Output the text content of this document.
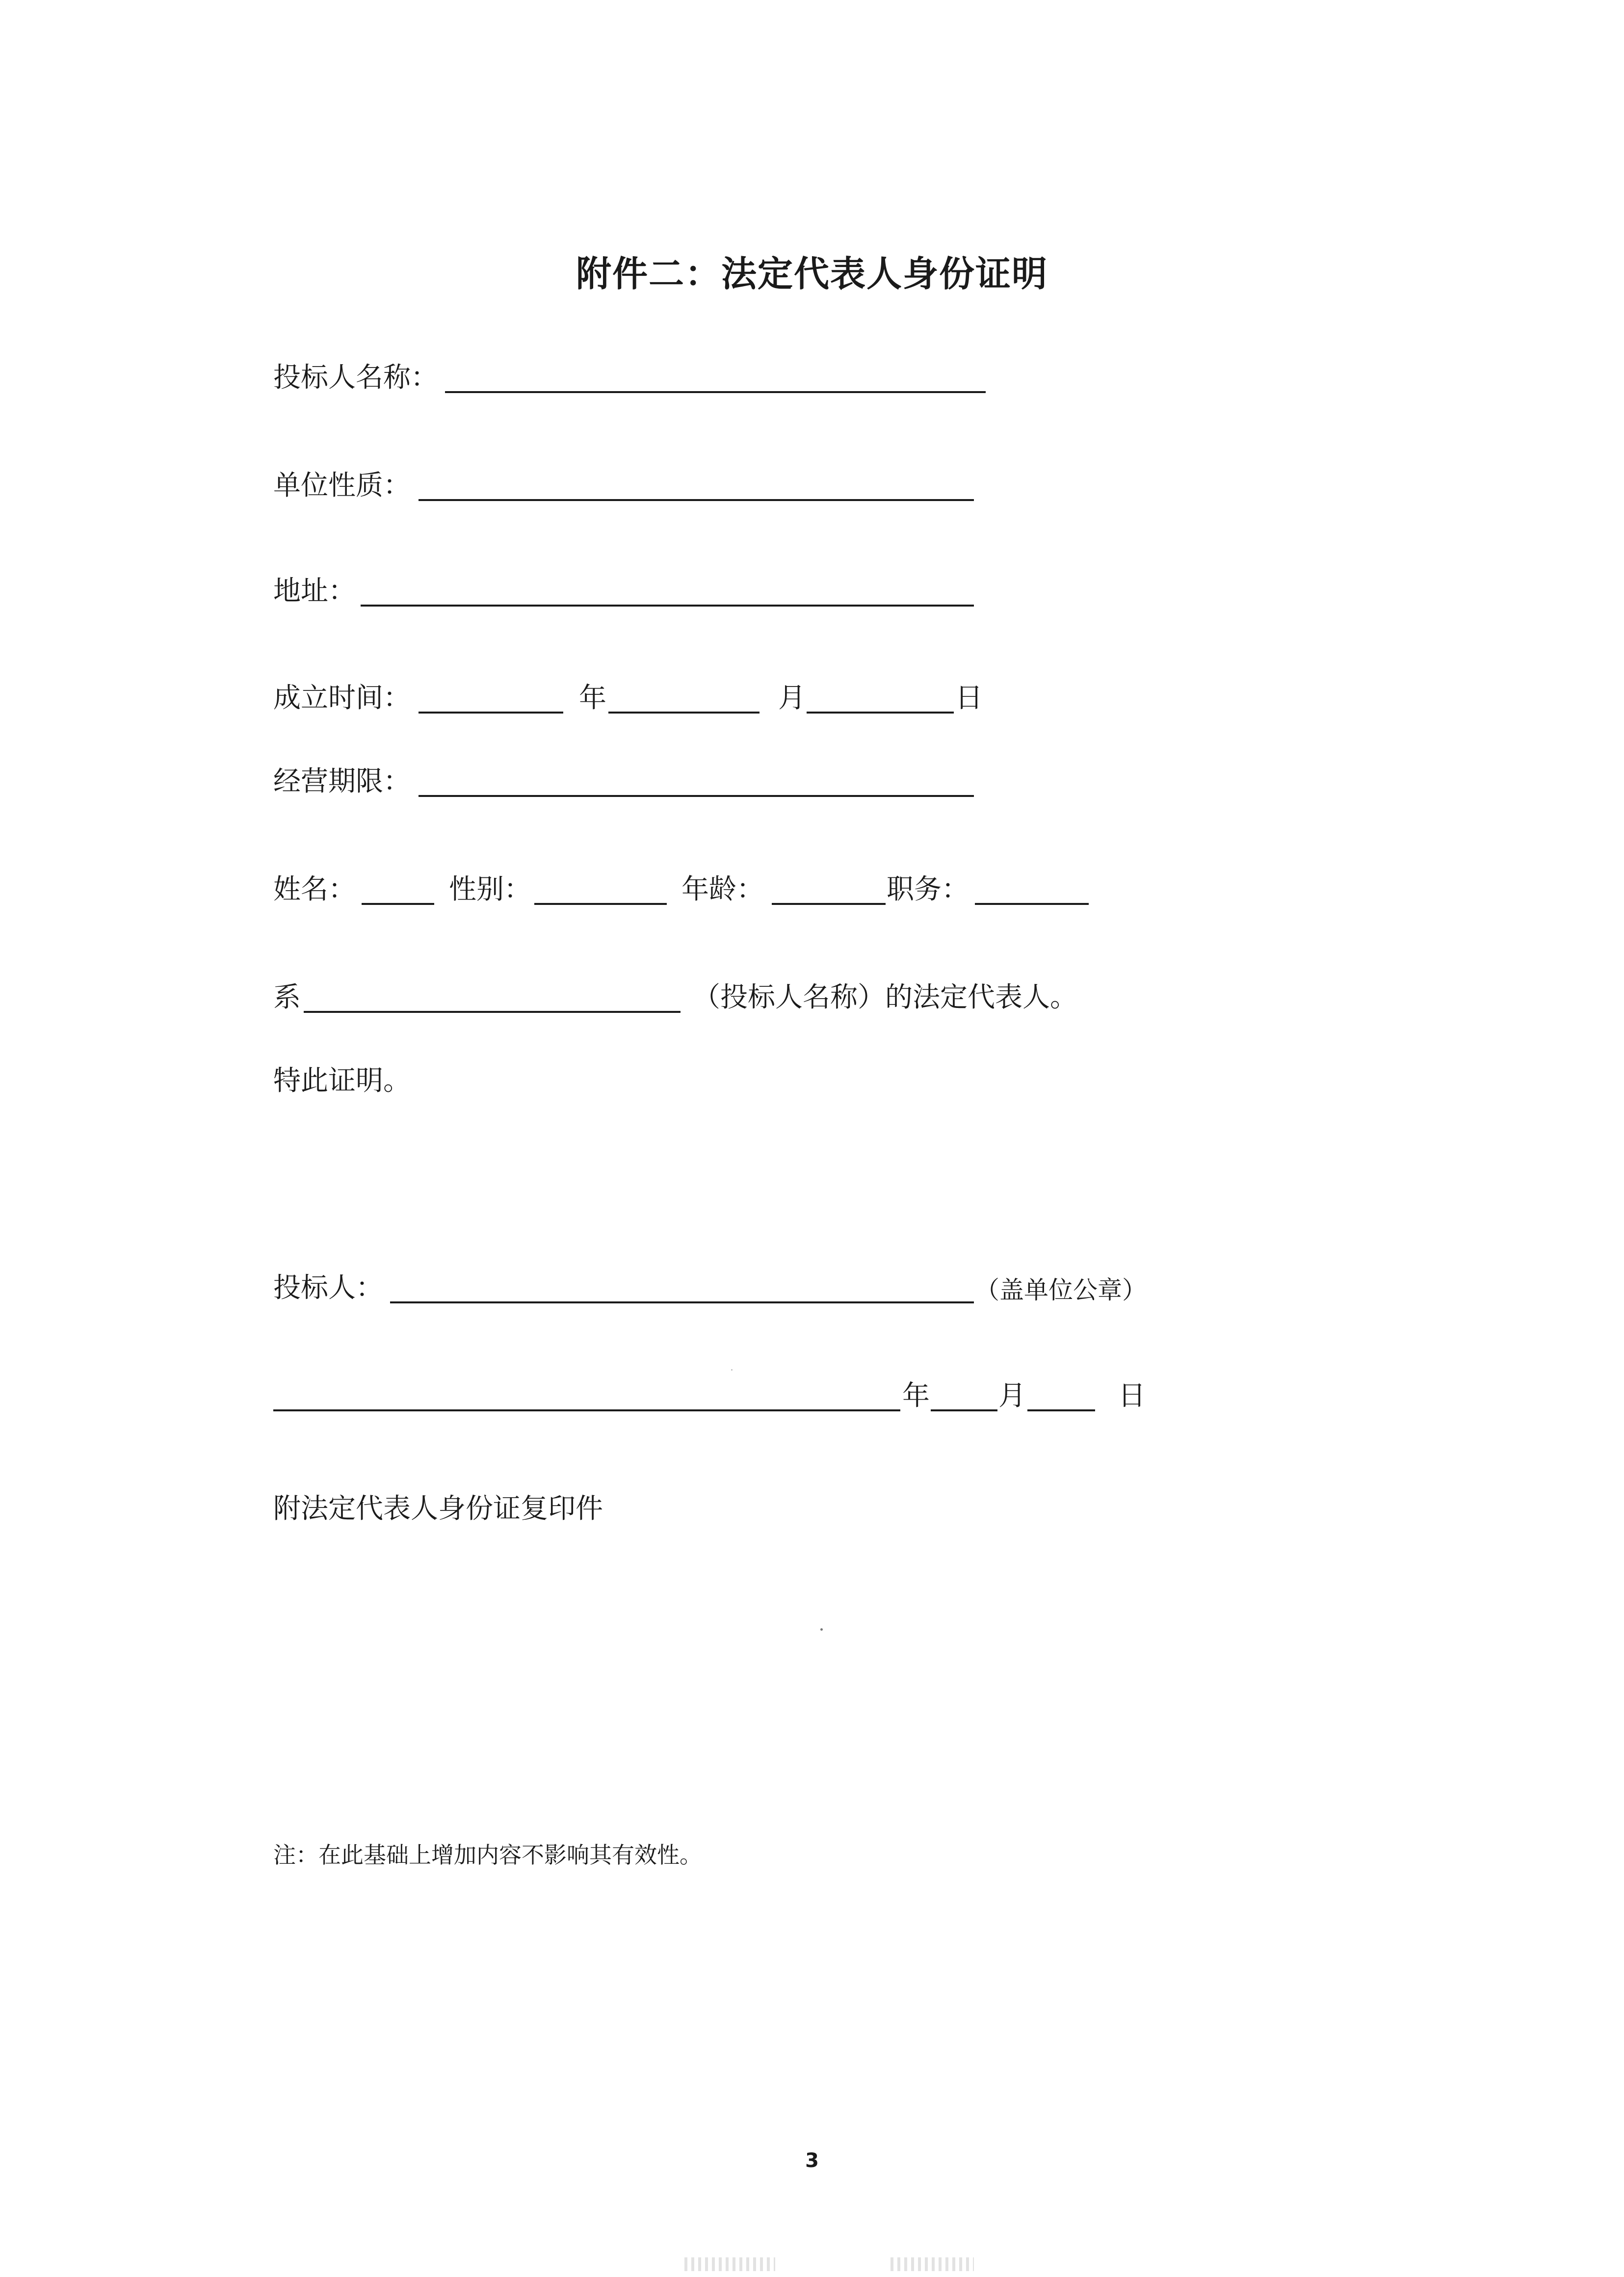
附件二：法定代表人身份证明
投标人名称：
单位性质：
地址：
成立时间：	年	月	日
经营期限：
姓名：	性别：	年龄：	职务：
系	（投标人名称）的法定代表人。
特此证明。
投标人：	（盖单位公章）
年	月	日
附法定代表人身份证复印件
注：在此基础上增加内容不影响其有效性。
3
